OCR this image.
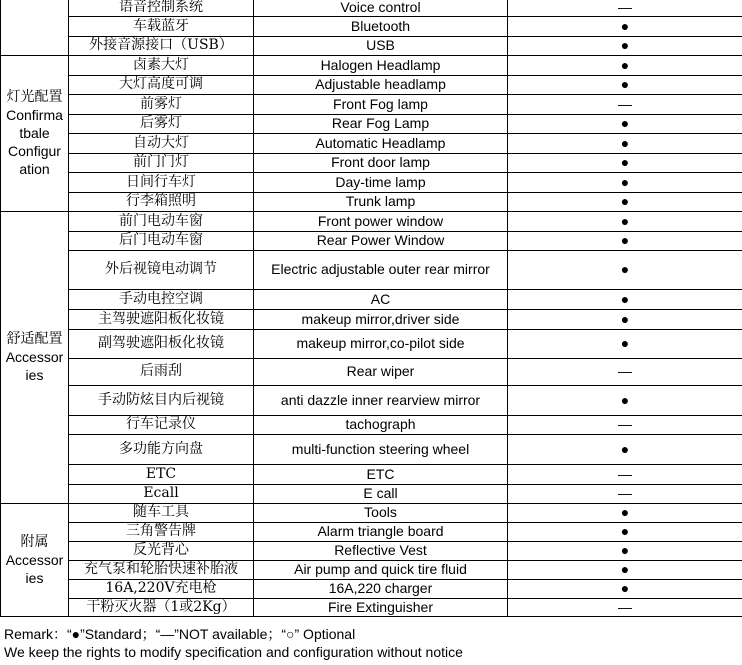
	语音控制系统	Voice control	—
	车载蓝牙	Bluetooth	●
	外接音源接口（USB）	USB	●

灯光配置
Confirma
tbale
Configur
ation	卤素大灯	Halogen Headlamp	●
	大灯高度可调	Adjustable headlamp	●
	前雾灯	Front Fog lamp	—
	后雾灯	Rear Fog Lamp	●
	自动大灯	Automatic Headlamp	●
	前门门灯	Front door lamp	●
	日间行车灯	Day-time lamp	●
	行李箱照明	Trunk lamp	●

舒适配置
Accessor
ies	前门电动车窗	Front power window	●
	后门电动车窗	Rear Power Window	●
	外后视镜电动调节	Electric adjustable outer rear mirror	●
	手动电控空调	AC	●
	主驾驶遮阳板化妆镜	makeup mirror,driver side	●
	副驾驶遮阳板化妆镜	makeup mirror,co-pilot side	●
	后雨刮	Rear wiper	—
	手动防炫目内后视镜	anti dazzle inner rearview mirror	●
	行车记录仪	tachograph	—
	多功能方向盘	multi-function steering wheel	●
	ETC	ETC	—
	Ecall	E call	—

附属
Accessories	随车工具	Tools	●
	三角警告牌	Alarm triangle board	●
	反光背心	Reflective Vest	●
	充气泵和轮胎快速补胎液	Air pump and quick tire fluid	●
	16A,220V充电枪	16A,220 charger	●
	干粉灭火器（1或2Kg）	Fire Extinguisher	—
Remark：“●”Standard；“—”NOT available；“○” Optional
We keep the rights to modify specification and configuration without notice
